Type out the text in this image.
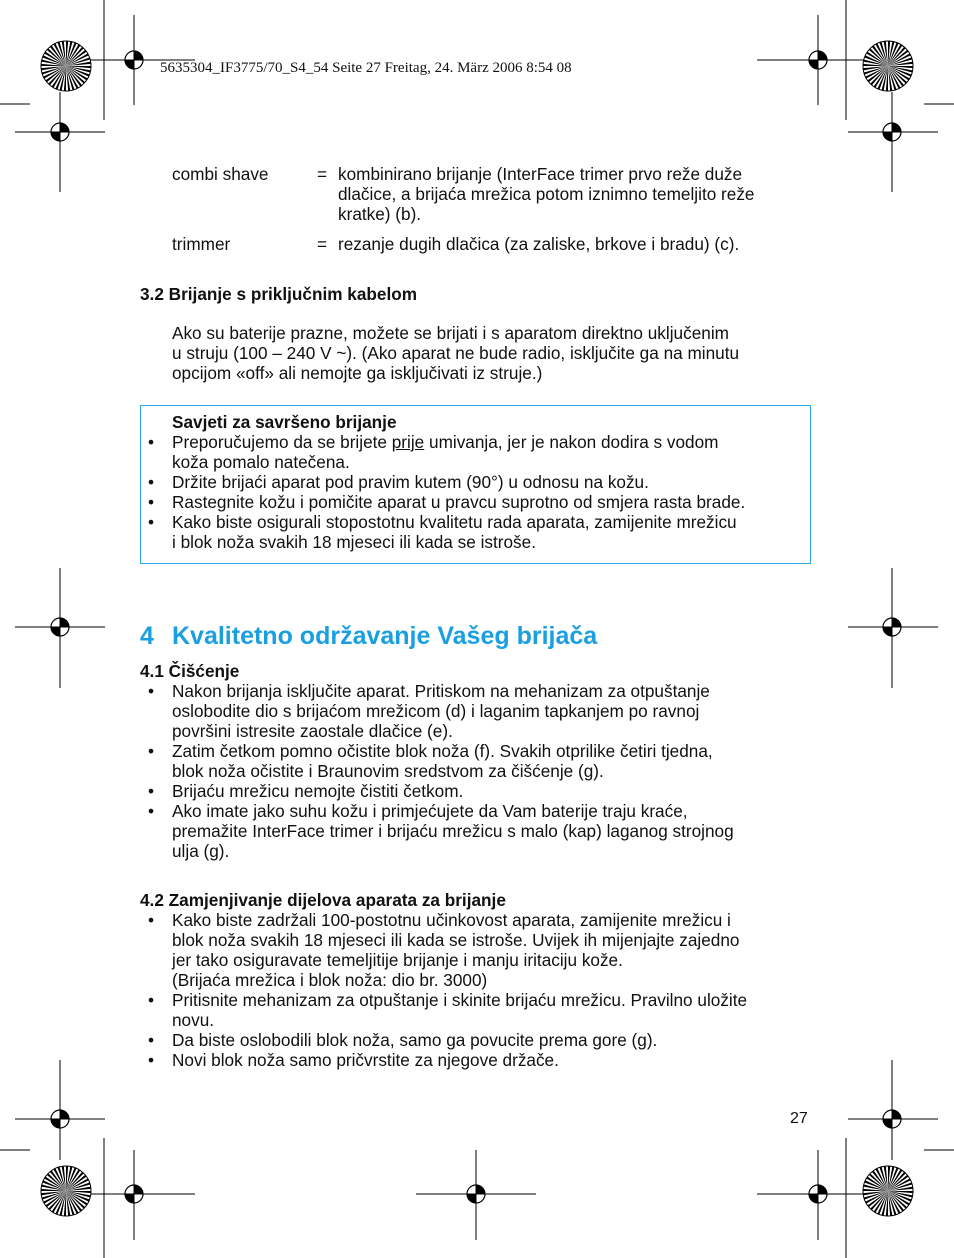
5635304_IF3775/70_S4_54 Seite 27 Freitag, 24. März 2006 8:54 08
combi shave	= kombinirano brijanje (InterFace trimer prvo reže duže
dlačice, a brijaća mrežica potom iznimno temeljito reže
kratke) (b).
trimmer	= rezanje dugih dlačica (za zaliske, brkove i bradu) (c).
3.2 Brijanje s priključnim kabelom
Ako su baterije prazne, možete se brijati i s aparatom direktno uključenim
u struju (100 – 240 V ~). (Ako aparat ne bude radio, isključite ga na minutu
opcijom «off» ali nemojte ga isključivati iz struje.)
Savjeti za savršeno brijanje
• Preporučujemo da se brijete prije umivanja, jer je nakon dodira s vodom
koža pomalo natečena.
• Držite brijaći aparat pod pravim kutem (90°) u odnosu na kožu.
• Rastegnite kožu i pomičite aparat u pravcu suprotno od smjera rasta brade.
• Kako biste osigurali stopostotnu kvalitetu rada aparata, zamijenite mrežicu
i blok noža svakih 18 mjeseci ili kada se istroše.
4 Kvalitetno održavanje Vašeg brijača
4.1 Čišćenje
• Nakon brijanja isključite aparat. Pritiskom na mehanizam za otpuštanje
oslobodite dio s brijaćom mrežicom (d) i laganim tapkanjem po ravnoj
površini istresite zaostale dlačice (e).
• Zatim četkom pomno očistite blok noža (f). Svakih otprilike četiri tjedna,
blok noža očistite i Braunovim sredstvom za čišćenje (g).
• Brijaću mrežicu nemojte čistiti četkom.
• Ako imate jako suhu kožu i primjećujete da Vam baterije traju kraće,
premažite InterFace trimer i brijaću mrežicu s malo (kap) laganog strojnog
ulja (g).
4.2 Zamjenjivanje dijelova aparata za brijanje
• Kako biste zadržali 100-postotnu učinkovost aparata, zamijenite mrežicu i
blok noža svakih 18 mjeseci ili kada se istroše. Uvijek ih mijenjajte zajedno
jer tako osiguravate temeljitije brijanje i manju iritaciju kože.
(Brijaća mrežica i blok noža: dio br. 3000)
• Pritisnite mehanizam za otpuštanje i skinite brijaću mrežicu. Pravilno uložite
novu.
• Da biste oslobodili blok noža, samo ga povucite prema gore (g).
• Novi blok noža samo pričvrstite za njegove držače.
27
